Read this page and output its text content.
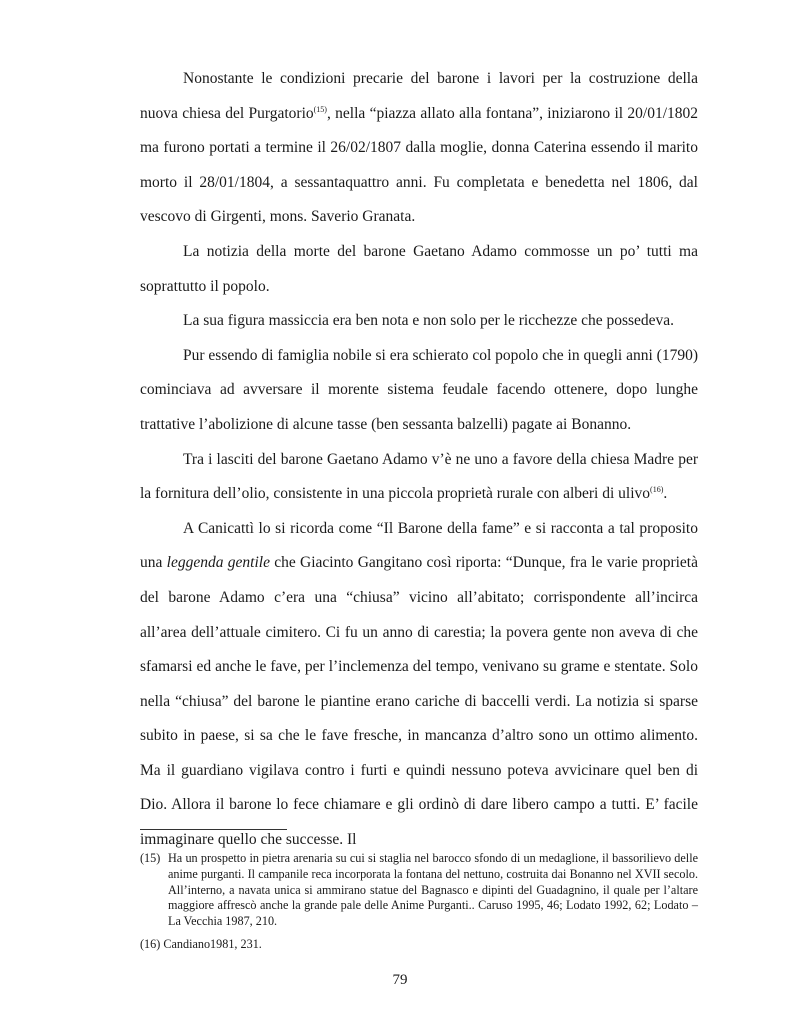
Nonostante le condizioni precarie del barone i lavori per la costruzione della nuova chiesa del Purgatorio$^{(15)}$, nella “piazza allato alla fontana”, iniziarono il 20/01/1802 ma furono portati a termine il 26/02/1807 dalla moglie, donna Caterina essendo il marito morto il 28/01/1804, a sessantaquattro anni. Fu completata e benedetta nel 1806, dal vescovo di Girgenti, mons. Saverio Granata.

La notizia della morte del barone Gaetano Adamo commosse un po’ tutti ma soprattutto il popolo.

La sua figura massiccia era ben nota e non solo per le ricchezze che possedeva.

Pur essendo di famiglia nobile si era schierato col popolo che in quegli anni (1790) cominciava ad avversare il morente sistema feudale facendo ottenere, dopo lunghe trattative l’abolizione di alcune tasse (ben sessanta balzelli) pagate ai Bonanno.

Tra i lasciti del barone Gaetano Adamo v’è ne uno a favore della chiesa Madre per la fornitura dell’olio, consistente in una piccola proprietà rurale con alberi di ulivo$^{(16)}$.

A Canicattì lo si ricorda come “Il Barone della fame” e si racconta a tal proposito una leggenda gentile che Giacinto Gangitano così riporta: “Dunque, fra le varie proprietà del barone Adamo c’era una “chiusa” vicino all’abitato; corrispondente all’incirca all’area dell’attuale cimitero. Ci fu un anno di carestia; la povera gente non aveva di che sfamarsi ed anche le fave, per l’inclemenza del tempo, venivano su grame e stentate. Solo nella “chiusa” del barone le piantine erano cariche di baccelli verdi. La notizia si sparse subito in paese, si sa che le fave fresche, in mancanza d’altro sono un ottimo alimento. Ma il guardiano vigilava contro i furti e quindi nessuno poteva avvicinare quel ben di Dio. Allora il barone lo fece chiamare e gli ordinò di dare libero campo a tutti. E’ facile immaginare quello che successe. Il

(15) Ha un prospetto in pietra arenaria su cui si staglia nel barocco sfondo di un medaglione, il bassorilievo delle anime purganti. Il campanile reca incorporata la fontana del nettuno, costruita dai Bonanno nel XVII secolo. All’interno, a navata unica si ammirano statue del Bagnasco e dipinti del Guadagnino, il quale per l’altare maggiore affrescò anche la grande pale delle Anime Purganti.. Caruso 1995, 46; Lodato 1992, 62; Lodato – La Vecchia 1987, 210.

(16) Candiano1981, 231.

79
